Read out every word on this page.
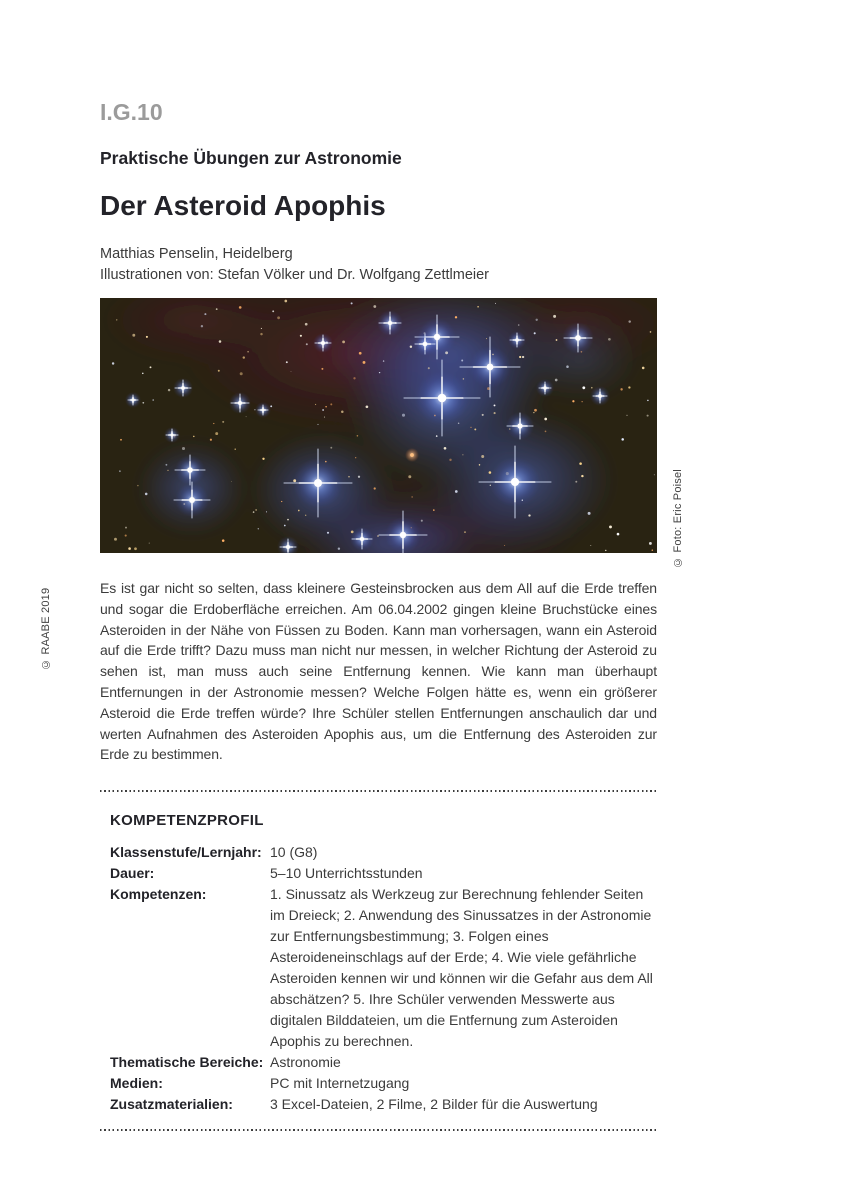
© RAABE 2019
I.G.10
Praktische Übungen zur Astronomie
Der Asteroid Apophis
Matthias Penselin, Heidelberg
Illustrationen von: Stefan Völker und Dr. Wolfgang Zettlmeier
© Foto: Eric Poisel

Es ist gar nicht so selten, dass kleinere Gesteinsbrocken aus dem All auf die Erde treffen und sogar die Erdoberfläche erreichen. Am 06.04.2002 gingen kleine Bruchstücke eines Asteroiden in der Nähe von Füssen zu Boden. Kann man vorhersagen, wann ein Asteroid auf die Erde trifft? Dazu muss man nicht nur messen, in welcher Richtung der Asteroid zu sehen ist, man muss auch seine Entfernung kennen. Wie kann man überhaupt Entfernungen in der Astronomie messen? Welche Folgen hätte es, wenn ein größerer Asteroid die Erde treffen würde? Ihre Schüler stellen Entfernungen anschaulich dar und werten Aufnahmen des Asteroiden Apophis aus, um die Entfernung des Asteroiden zur Erde zu bestimmen.

KOMPETENZPROFIL
Klassenstufe/Lernjahr: 10 (G8)
Dauer:	5–10 Unterrichtsstunden
Kompetenzen:	1. Sinussatz als Werkzeug zur Berechnung fehlender Seiten im Dreieck; 2. Anwendung des Sinussatzes in der Astronomie zur Entfernungsbestimmung; 3. Folgen eines Asteroideneinschlags auf der Erde; 4. Wie viele gefährliche Asteroiden kennen wir und können wir die Gefahr aus dem All abschätzen? 5. Ihre Schüler verwenden Messwerte aus digitalen Bilddateien, um die Entfernung zum Asteroiden Apophis zu berechnen.
Thematische Bereiche: Astronomie
Medien:	PC mit Internetzugang
Zusatzmaterialien:	3 Excel-Dateien, 2 Filme, 2 Bilder für die Auswertung
